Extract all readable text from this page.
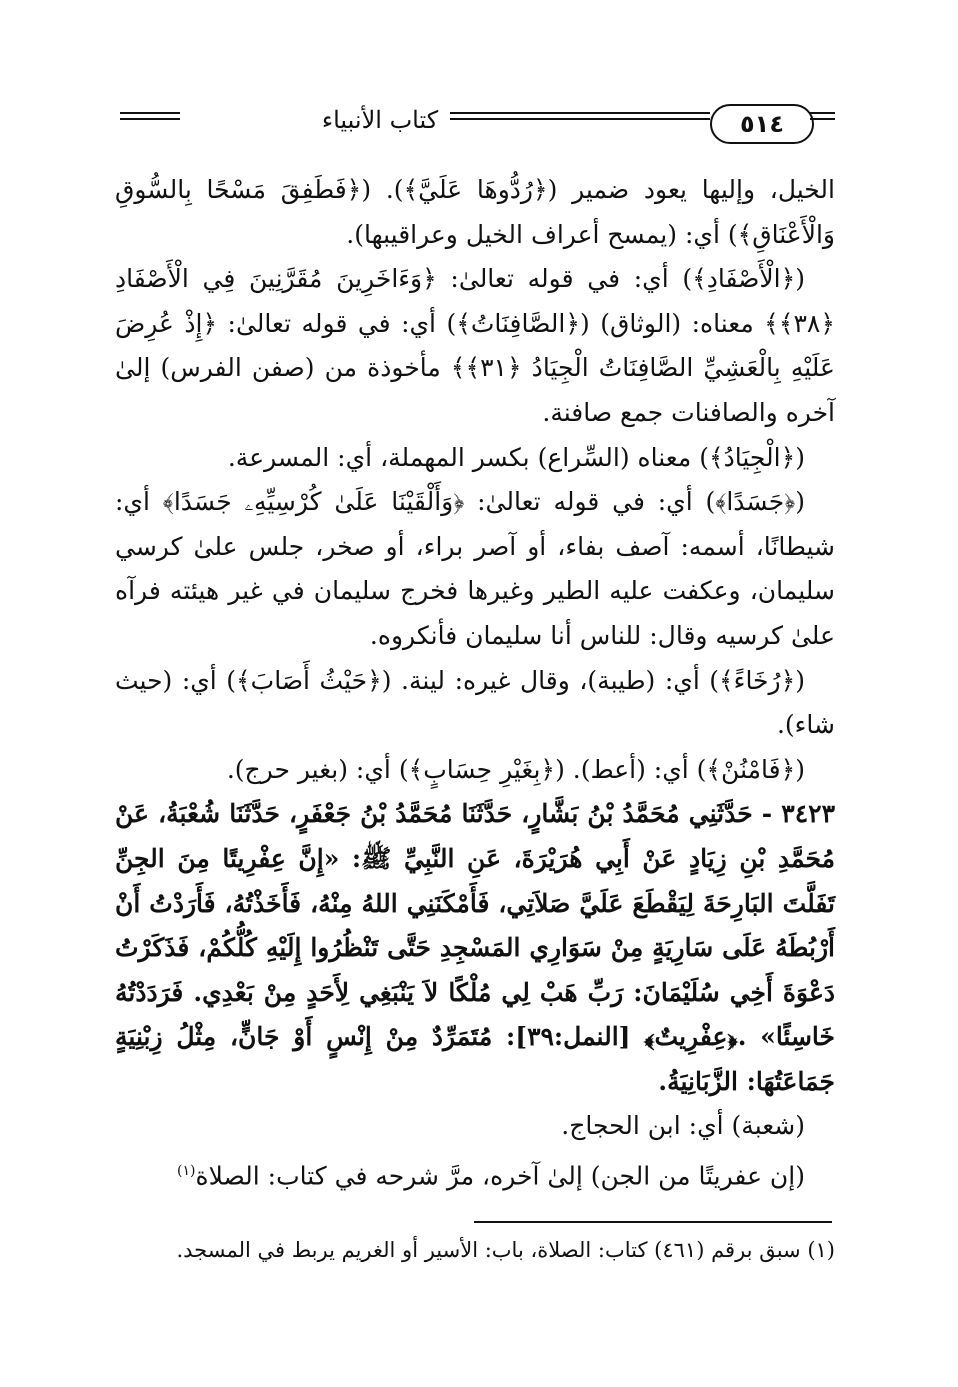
كتاب الأنبياء	٥١٤

الخيل، وإليها يعود ضمير (﴿رُدُّوهَا عَلَيَّ﴾). (﴿فَطَفِقَ مَسْحًا بِالسُّوقِ وَالْأَعْنَاقِ﴾) أي: (يمسح أعراف الخيل وعراقيبها).

(﴿الْأَصْفَادِ﴾) أي: في قوله تعالىٰ: ﴿وَءَاخَرِينَ مُقَرَّنِينَ فِي الْأَصْفَادِ ﴿٣٨﴾﴾ معناه: (الوثاق) (﴿الصَّافِنَاتُ﴾) أي: في قوله تعالىٰ: ﴿إِذْ عُرِضَ عَلَيْهِ بِالْعَشِيِّ الصَّافِنَاتُ الْجِيَادُ ﴿٣١﴾﴾ مأخوذة من (صفن الفرس) إلىٰ آخره والصافنات جمع صافنة.

(﴿الْجِيَادُ﴾) معناه (السِّراع) بكسر المهملة، أي: المسرعة.

(﴿جَسَدًا﴾) أي: في قوله تعالىٰ: ﴿وَأَلْقَيْنَا عَلَىٰ كُرْسِيِّهِۦ جَسَدًا﴾ أي: شيطانًا، أسمه: آصف بفاء، أو آصر براء، أو صخر، جلس علىٰ كرسي سليمان، وعكفت عليه الطير وغيرها فخرج سليمان في غير هيئته فرآه علىٰ كرسيه وقال: للناس أنا سليمان فأنكروه.

(﴿رُخَاءً﴾) أي: (طيبة)، وقال غيره: لينة. (﴿حَيْثُ أَصَابَ﴾) أي: (حيث شاء).

(﴿فَامْنُنْ﴾) أي: (أعط). (﴿بِغَيْرِ حِسَابٍ﴾) أي: (بغير حرج).

٣٤٢٣ - حَدَّثَنِي مُحَمَّدُ بْنُ بَشَّارٍ، حَدَّثَنَا مُحَمَّدُ بْنُ جَعْفَرٍ، حَدَّثَنَا شُعْبَةُ، عَنْ مُحَمَّدِ بْنِ زِيَادٍ عَنْ أَبِي هُرَيْرَةَ، عَنِ النَّبِيِّ ﷺ: «إِنَّ عِفْرِيتًا مِنَ الجِنِّ تَفَلَّتَ البَارِحَةَ لِيَقْطَعَ عَلَيَّ صَلاَتِي، فَأَمْكَنَنِي اللهُ مِنْهُ، فَأَخَذْتُهُ، فَأَرَدْتُ أَنْ أَرْبُطَهُ عَلَى سَارِيَةٍ مِنْ سَوَارِي المَسْجِدِ حَتَّى تَنْظُرُوا إِلَيْهِ كُلُّكُمْ، فَذَكَرْتُ دَعْوَةَ أَخِي سُلَيْمَانَ: رَبِّ هَبْ لِي مُلْكًا لاَ يَنْبَغِي لِأَحَدٍ مِنْ بَعْدِي. فَرَدَدْتُهُ خَاسِئًا» .﴿عِفْرِيتٌ﴾ [النمل:٣٩]: مُتَمَرِّدٌ مِنْ إِنْسٍ أَوْ جَانٍّ، مِثْلُ زِبْنِيَةٍ جَمَاعَتُهَا: الزَّبَانِيَةُ.

(شعبة) أي: ابن الحجاج.

(إن عفريتًا من الجن) إلىٰ آخره، مرَّ شرحه في كتاب: الصلاة$^{(١)}$

(١) سبق برقم (٤٦١) كتاب: الصلاة، باب: الأسير أو الغريم يربط في المسجد.
